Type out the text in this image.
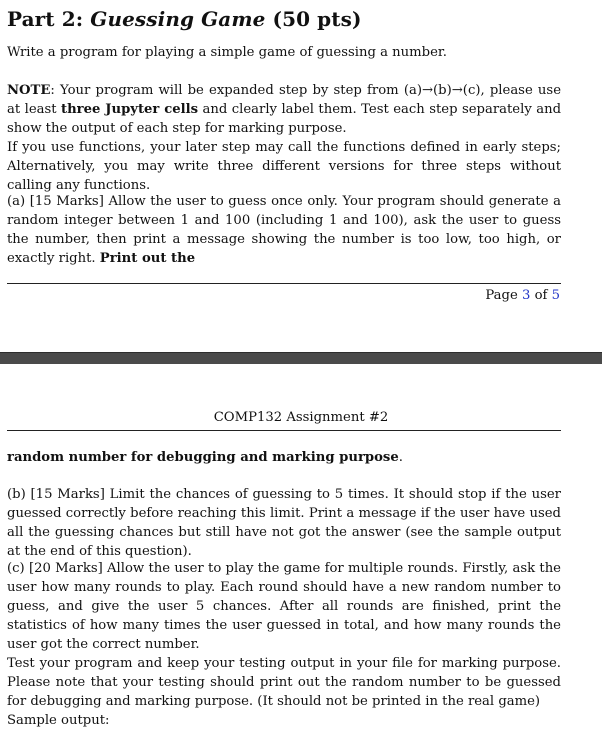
Part 2: Guessing Game (50 pts)

Write a program for playing a simple game of guessing a number.

NOTE: Your program will be expanded step by step from (a)→(b)→(c), please use at least three Jupyter cells and clearly label them. Test each step separately and show the output of each step for marking purpose.
If you use functions, your later step may call the functions defined in early steps; Alternatively, you may write three different versions for three steps without calling any functions.

(a) [15 Marks] Allow the user to guess once only. Your program should generate a random integer between 1 and 100 (including 1 and 100), ask the user to guess the number, then print a message showing the number is too low, too high, or exactly right. Print out the

Page 3 of 5
COMP132 Assignment #2

random number for debugging and marking purpose.

(b) [15 Marks] Limit the chances of guessing to 5 times. It should stop if the user guessed correctly before reaching this limit. Print a message if the user have used all the guessing chances but still have not got the answer (see the sample output at the end of this question).

(c) [20 Marks] Allow the user to play the game for multiple rounds. Firstly, ask the user how many rounds to play. Each round should have a new random number to guess, and give the user 5 chances. After all rounds are finished, print the statistics of how many times the user guessed in total, and how many rounds the user got the correct number.

Test your program and keep your testing output in your file for marking purpose. Please note that your testing should print out the random number to be guessed for debugging and marking purpose. (It should not be printed in the real game)
Sample output:
